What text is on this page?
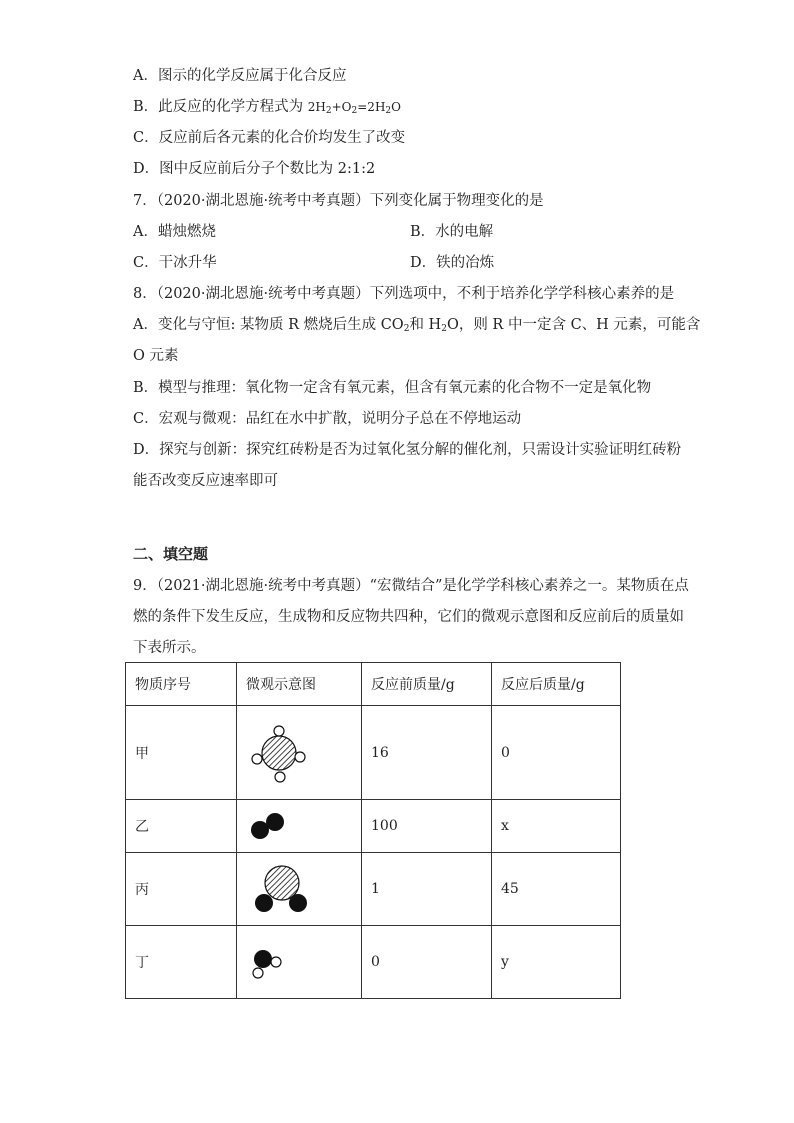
A．图示的化学反应属于化合反应
B．此反应的化学方程式为 $2H_2+O_2=2H_2O$
C．反应前后各元素的化合价均发生了改变
D．图中反应前后分子个数比为 2:1:2
7．（2020·湖北恩施·统考中考真题）下列变化属于物理变化的是
A．蜡烛燃烧	B．水的电解
C．干冰升华	D．铁的冶炼
8．（2020·湖北恩施·统考中考真题）下列选项中，不利于培养化学学科核心素养的是
A．变化与守恒: 某物质 R 燃烧后生成 $CO_2$和 $H_2O$，则 R 中一定含 C、H 元素，可能含
O 元素
B．模型与推理：氧化物一定含有氧元素，但含有氧元素的化合物不一定是氧化物
C．宏观与微观：品红在水中扩散，说明分子总在不停地运动
D．探究与创新：探究红砖粉是否为过氧化氢分解的催化剂，只需设计实验证明红砖粉
能否改变反应速率即可
二、填空题
9．（2021·湖北恩施·统考中考真题）“宏微结合”是化学学科核心素养之一。某物质在点
燃的条件下发生反应，生成物和反应物共四种，它们的微观示意图和反应前后的质量如
下表所示。
物质序号	微观示意图	反应前质量/g	反应后质量/g
甲		16	0
乙		100	x
丙		1	45
丁		0	y
